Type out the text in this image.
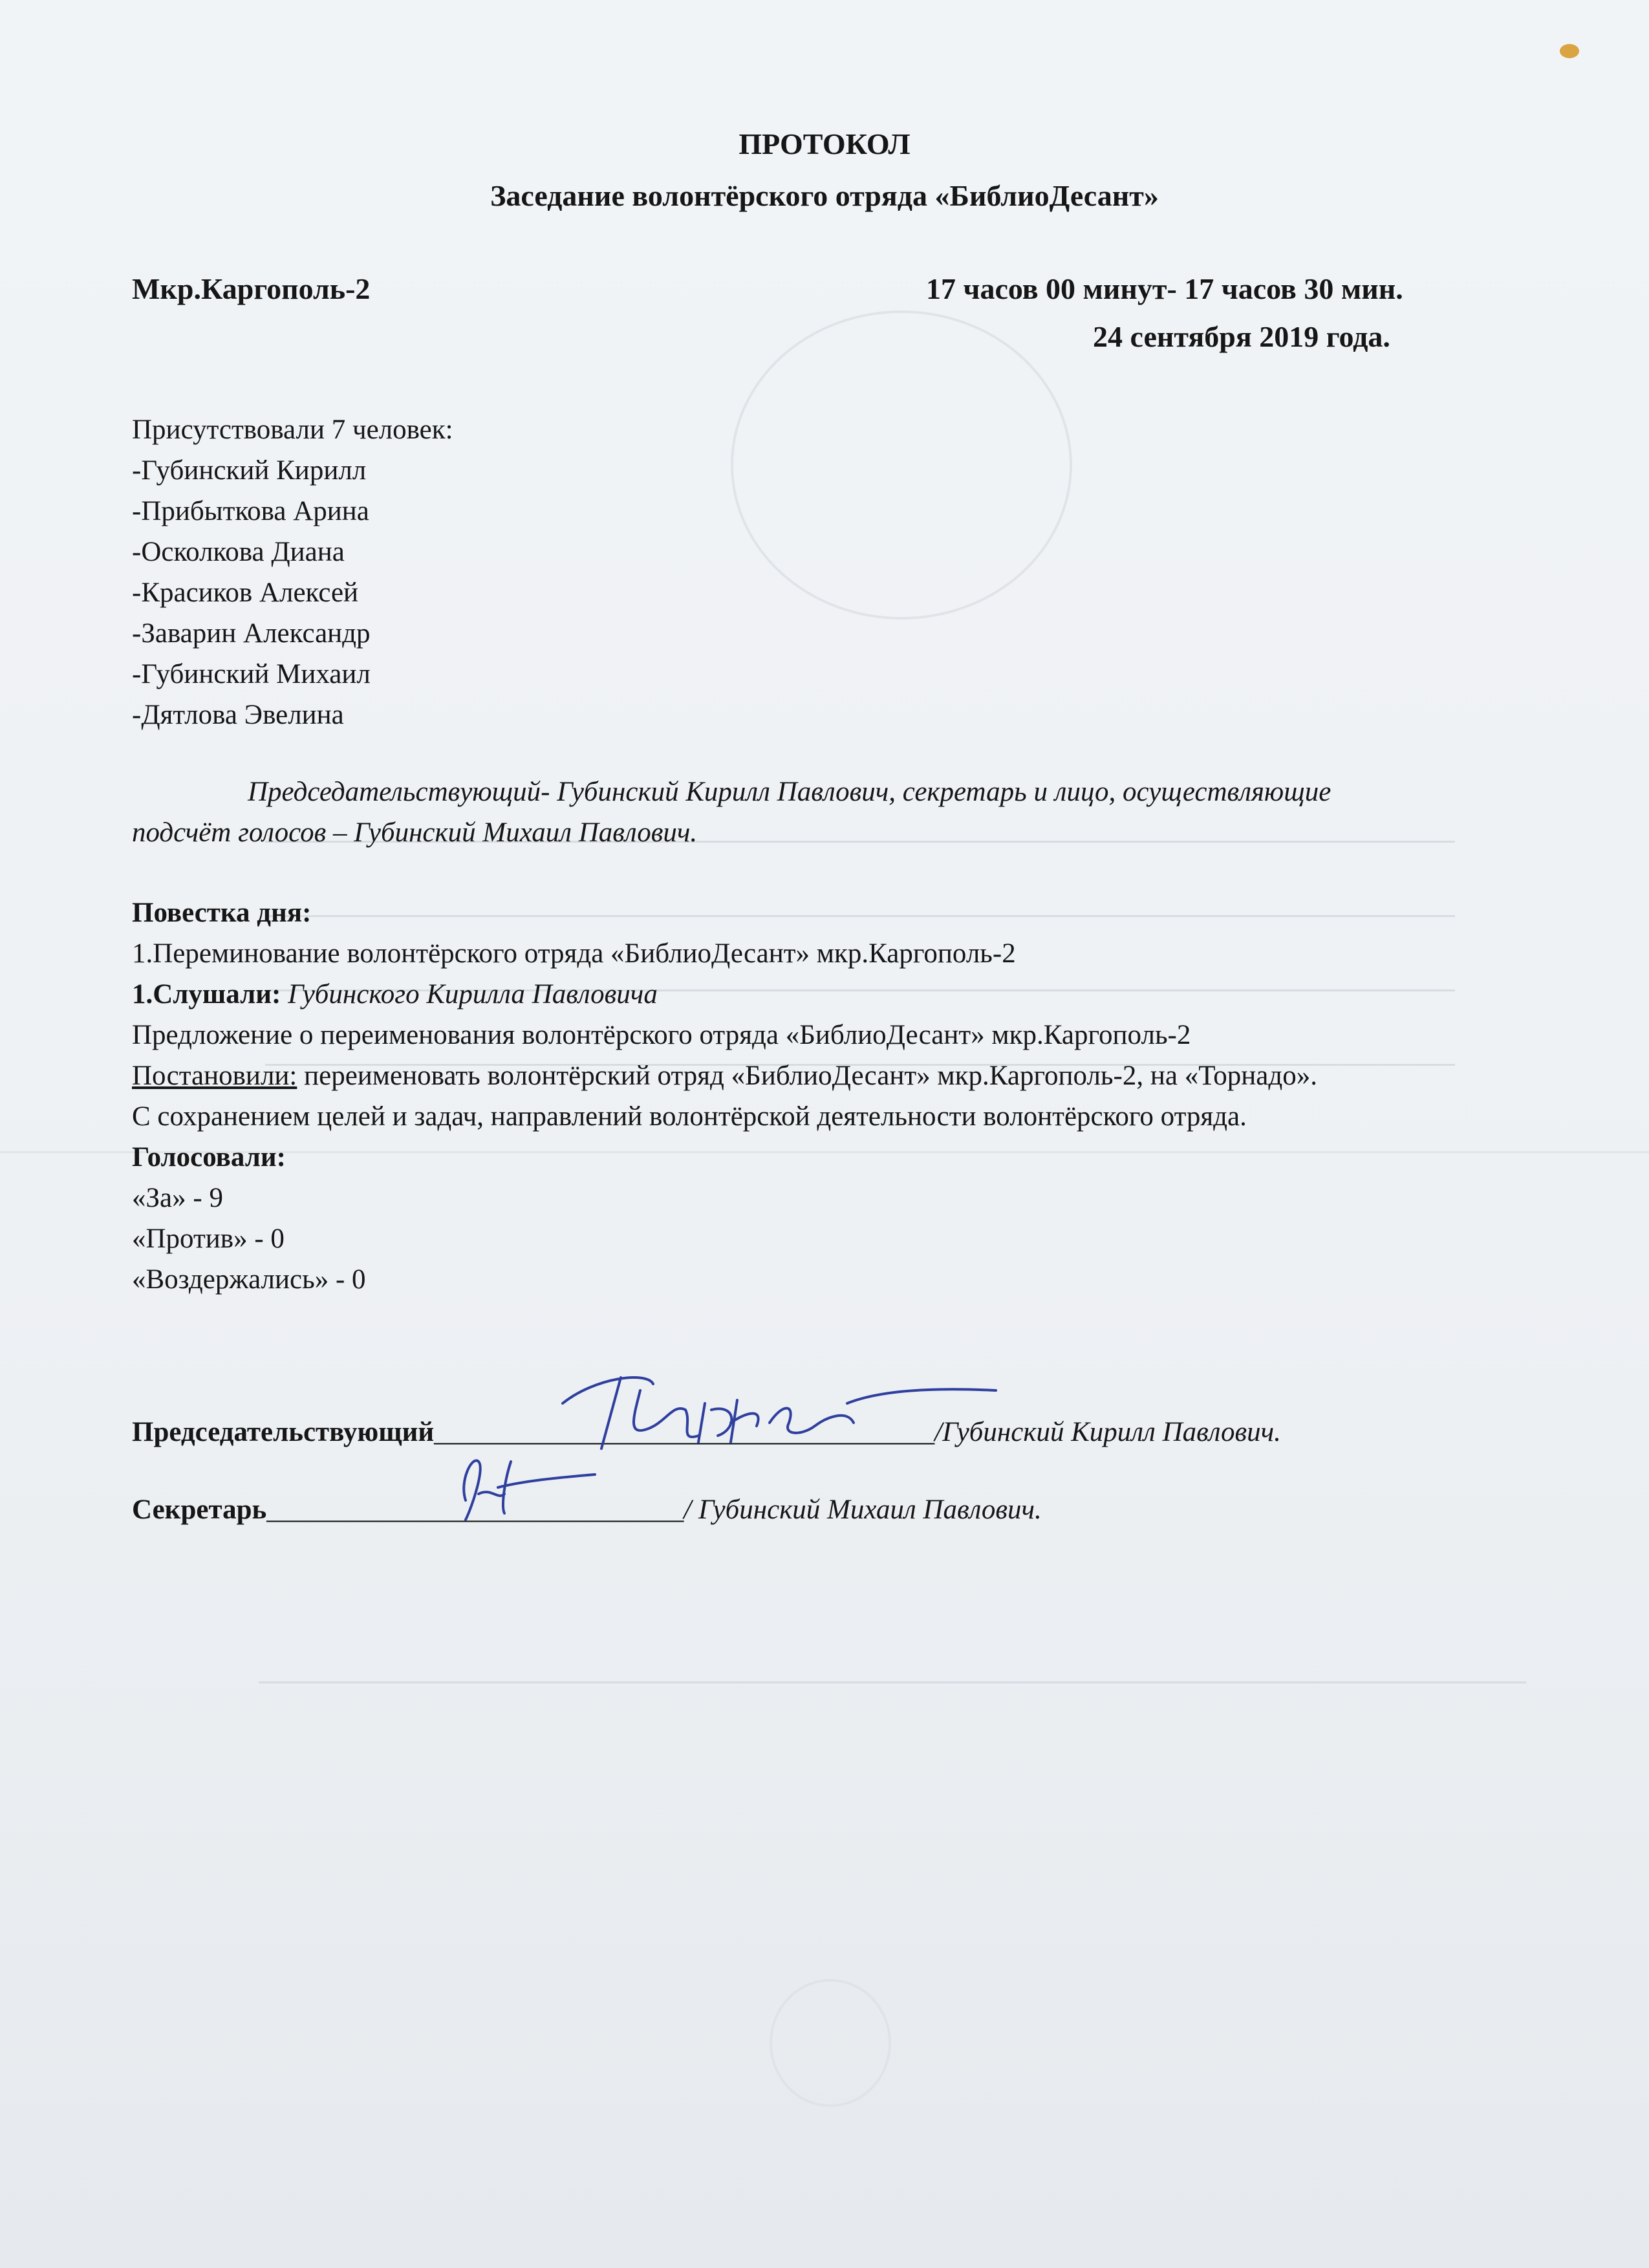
ПРОТОКОЛ
Заседание волонтёрского отряда «БиблиоДесант»
Мкр.Каргополь-2	17 часов 00 минут- 17 часов 30 мин.
24 сентября 2019 года.
Присутствовали 7 человек:
-Губинский Кирилл
-Прибыткова Арина
-Осколкова Диана
-Красиков Алексей
-Заварин Александр
-Губинский Михаил
-Дятлова Эвелина
Председательствующий- Губинский Кирилл Павлович, секретарь и лицо, осуществляющие
подсчёт голосов – Губинский Михаил Павлович.
Повестка дня:
1.Переминование волонтёрского отряда «БиблиоДесант» мкр.Каргополь-2
1.Слушали: Губинского Кирилла Павловича
Предложение о переименования волонтёрского отряда «БиблиоДесант» мкр.Каргополь-2
Постановили: переименовать волонтёрский отряд «БиблиоДесант» мкр.Каргополь-2, на «Торнадо».
С сохранением целей и задач, направлений волонтёрской деятельности волонтёрского отряда.
Голосовали:
«За» - 9
«Против» - 0
«Воздержались» - 0
Председательствующий____________________________________/Губинский Кирилл Павлович.
Секретарь______________________________/ Губинский Михаил Павлович.
